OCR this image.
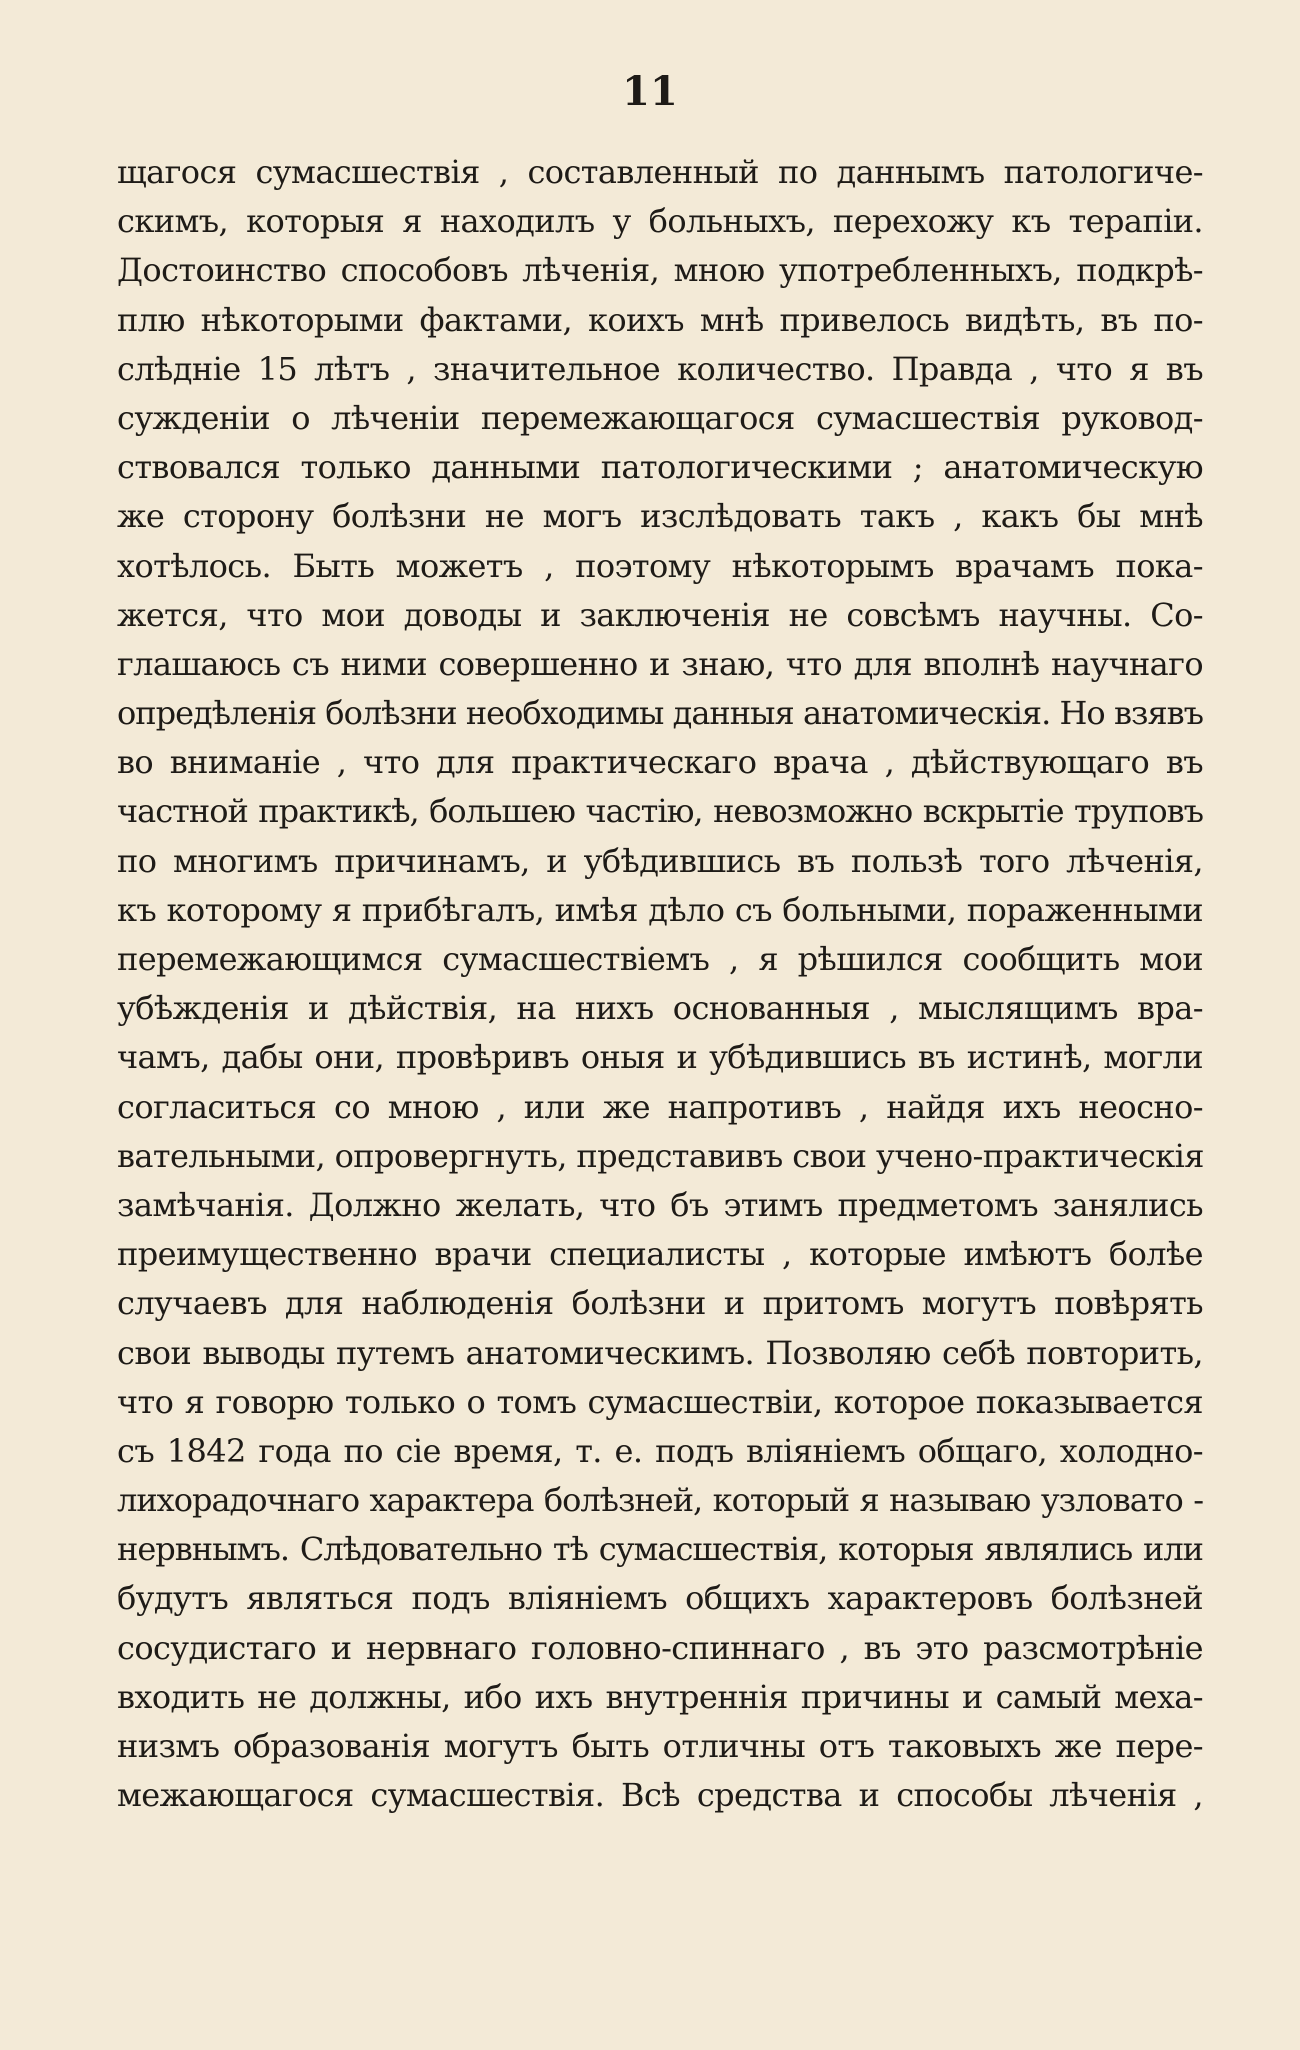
11
щагося сумасшествія , составленный по даннымъ патологиче-
скимъ, которыя я находилъ у больныхъ, перехожу къ терапіи.
Достоинство способовъ лѣченія, мною употребленныхъ, подкрѣ-
плю нѣкоторыми фактами, коихъ мнѣ привелось видѣть, въ по-
слѣдніе 15 лѣтъ , значительное количество. Правда , что я въ
сужденіи о лѣченіи перемежающагося сумасшествія руковод-
ствовался только данными патологическими ; анатомическую
же сторону болѣзни не могъ изслѣдовать такъ , какъ бы мнѣ
хотѣлось. Быть можетъ , поэтому нѣкоторымъ врачамъ пока-
жется, что мои доводы и заключенія не совсѣмъ научны. Со-
глашаюсь съ ними совершенно и знаю, что для вполнѣ научнаго
опредѣленія болѣзни необходимы данныя анатомическія. Но взявъ
во вниманіе , что для практическаго врача , дѣйствующаго въ
частной практикѣ, большею частію, невозможно вскрытіе труповъ
по многимъ причинамъ, и убѣдившись въ пользѣ того лѣченія,
къ которому я прибѣгалъ, имѣя дѣло съ больными, пораженными
перемежающимся сумасшествіемъ , я рѣшился сообщить мои
убѣжденія и дѣйствія, на нихъ основанныя , мыслящимъ вра-
чамъ, дабы они, провѣривъ оныя и убѣдившись въ истинѣ, могли
согласиться со мною , или же напротивъ , найдя ихъ неосно-
вательными, опровергнуть, представивъ свои учено-практическія
замѣчанія. Должно желать, что бъ этимъ предметомъ занялись
преимущественно врачи специалисты , которые имѣютъ болѣе
случаевъ для наблюденія болѣзни и притомъ могутъ повѣрять
свои выводы путемъ анатомическимъ. Позволяю себѣ повторить,
что я говорю только о томъ сумасшествіи, которое показывается
съ 1842 года по сіе время, т. е. подъ вліяніемъ общаго, холодно-
лихорадочнаго характера болѣзней, который я называю узловато -
нервнымъ. Слѣдовательно тѣ сумасшествія, которыя являлись или
будутъ являться подъ вліяніемъ общихъ характеровъ болѣзней
сосудистаго и нервнаго головно-спиннаго , въ это разсмотрѣніе
входить не должны, ибо ихъ внутреннія причины и самый меха-
низмъ образованія могутъ быть отличны отъ таковыхъ же пере-
межающагося сумасшествія. Всѣ средства и способы лѣченія ,
